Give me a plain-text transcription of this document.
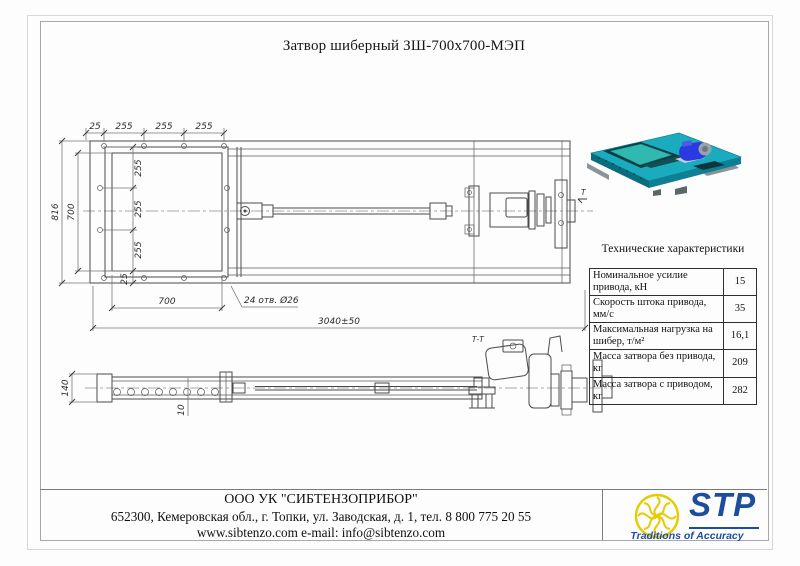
Затвор шиберный ЗШ-700х700-МЭП
Т
25 255	255	255
816 700
255
255
255
25
700	24 отв. Ø26
3040±50
Т-Т
140
10
Технические характеристики
Номинальное усилие привода, кН	15
Скорость штока привода, мм/с	35
Максимальная нагрузка на шибер, т/м²	16,1
Масса затвора без привода, кг	209
Масса затвора с приводом, кг	282
ООО УК "СИБТЕНЗОПРИБОР"
652300, Кемеровская обл., г. Топки, ул. Заводская, д. 1, тел. 8 800 775 20 55
www.sibtenzo.com e-mail: info@sibtenzo.com
STP
Traditions of Accuracy
